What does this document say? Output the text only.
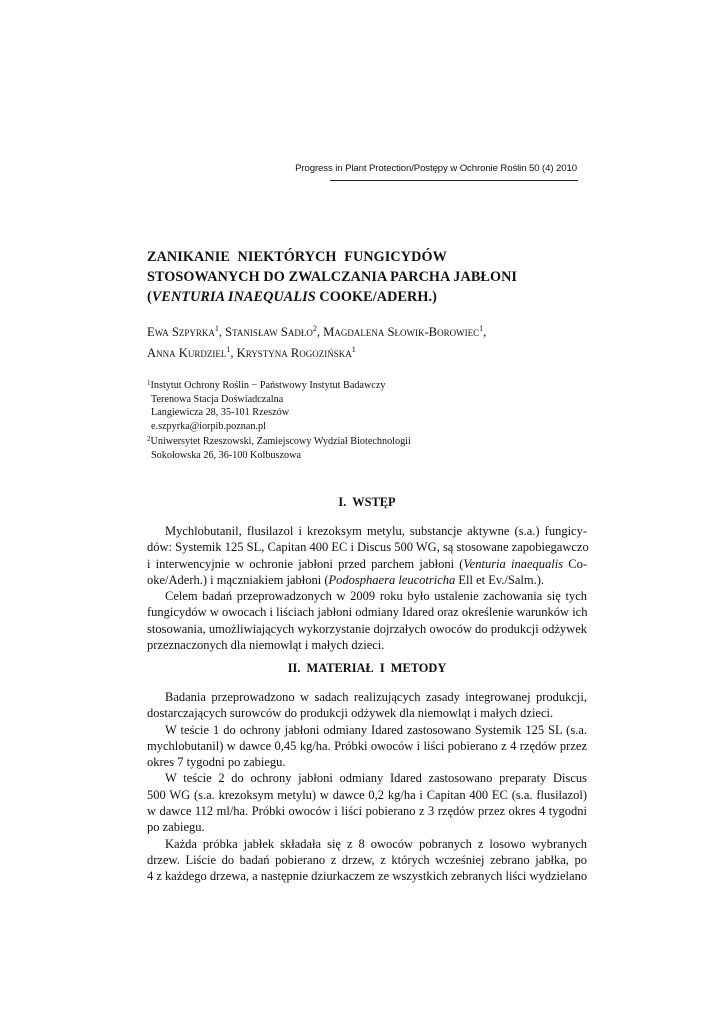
Progress in Plant Protection/Postępy w Ochronie Roślin 50 (4) 2010
ZANIKANIE NIEKTÓRYCH FUNGICYDÓW
STOSOWANYCH DO ZWALCZANIA PARCHA JABŁONI
(VENTURIA INAEQUALIS COOKE/ADERH.)
Ewa Szpyrka$^1$, Stanisław Sadło$^2$, Magdalena Słowik-Borowiec$^1$,
Anna Kurdziel$^1$, Krystyna Rogozińska$^1$
$^1$Instytut Ochrony Roślin − Państwowy Instytut Badawczy
Terenowa Stacja Doświadczalna
Langiewicza 28, 35-101 Rzeszów
e.szpyrka@iorpib.poznan.pl
$^2$Uniwersytet Rzeszowski, Zamiejscowy Wydział Biotechnologii
Sokołowska 26, 36-100 Kolbuszowa
I. WSTĘP
Mychlobutanil, flusilazol i krezoksym metylu, substancje aktywne (s.a.) fungicy-
dów: Systemik 125 SL, Capitan 400 EC i Discus 500 WG, są stosowane zapobiegawczo
i interwencyjnie w ochronie jabłoni przed parchem jabłoni (Venturia inaequalis Co-
oke/Aderh.) i mączniakiem jabłoni (Podosphaera leucotricha Ell et Ev./Salm.).
Celem badań przeprowadzonych w 2009 roku było ustalenie zachowania się tych
fungicydów w owocach i liściach jabłoni odmiany Idared oraz określenie warunków ich
stosowania, umożliwiających wykorzystanie dojrzałych owoców do produkcji odżywek
przeznaczonych dla niemowląt i małych dzieci.
II. MATERIAŁ I METODY
Badania przeprowadzono w sadach realizujących zasady integrowanej produkcji,
dostarczających surowców do produkcji odżywek dla niemowląt i małych dzieci.
W teście 1 do ochrony jabłoni odmiany Idared zastosowano Systemik 125 SL (s.a.
mychlobutanil) w dawce 0,45 kg/ha. Próbki owoców i liści pobierano z 4 rzędów przez
okres 7 tygodni po zabiegu.
W teście 2 do ochrony jabłoni odmiany Idared zastosowano preparaty Discus
500 WG (s.a. krezoksym metylu) w dawce 0,2 kg/ha i Capitan 400 EC (s.a. flusilazol)
w dawce 112 ml/ha. Próbki owoców i liści pobierano z 3 rzędów przez okres 4 tygodni
po zabiegu.
Każda próbka jabłek składała się z 8 owoców pobranych z losowo wybranych
drzew. Liście do badań pobierano z drzew, z których wcześniej zebrano jabłka, po
4 z każdego drzewa, a następnie dziurkaczem ze wszystkich zebranych liści wydzielano
